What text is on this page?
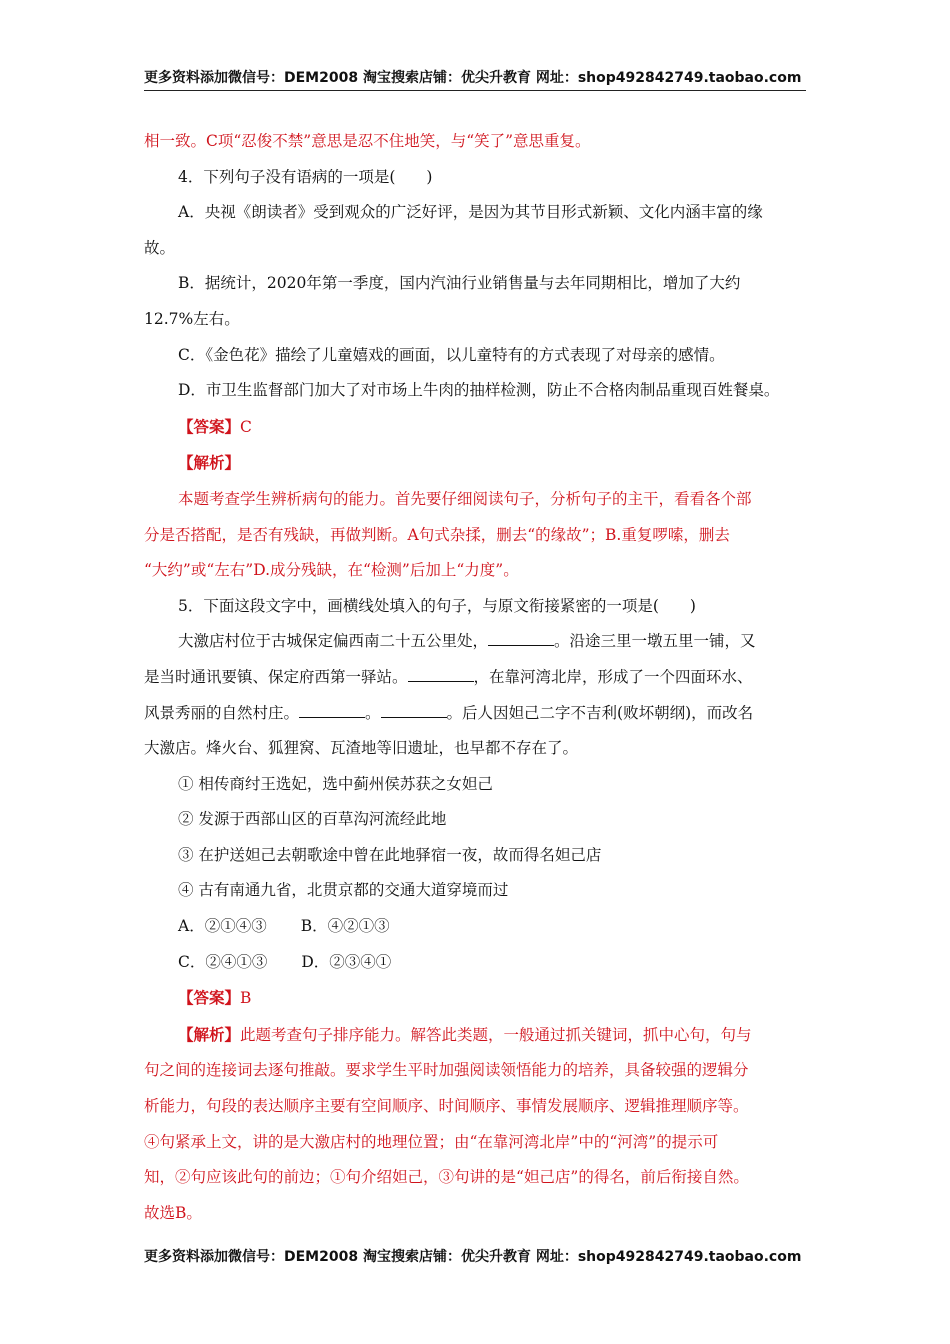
更多资料添加微信号：DEM2008 淘宝搜索店铺：优尖升教育 网址：shop492842749.taobao.com

相一致。C项“忍俊不禁”意思是忍不住地笑，与“笑了”意思重复。

4．下列句子没有语病的一项是(　　)

A．央视《朗读者》受到观众的广泛好评，是因为其节目形式新颖、文化内涵丰富的缘

故。

B．据统计，2020年第一季度，国内汽油行业销售量与去年同期相比，增加了大约

12.7%左右。

C．《金色花》描绘了儿童嬉戏的画面，以儿童特有的方式表现了对母亲的感情。

D．市卫生监督部门加大了对市场上牛肉的抽样检测，防止不合格肉制品重现百姓餐桌。

【答案】C

【解析】

本题考查学生辨析病句的能力。首先要仔细阅读句子，分析句子的主干，看看各个部

分是否搭配，是否有残缺，再做判断。A句式杂揉，删去“的缘故”；B.重复啰嗦，删去

“大约”或“左右”D.成分残缺，在“检测”后加上“力度”。

5．下面这段文字中，画横线处填入的句子，与原文衔接紧密的一项是(　　)

大激店村位于古城保定偏西南二十五公里处，	。沿途三里一墩五里一铺，又

是当时通讯要镇、保定府西第一驿站。	，在靠河湾北岸，形成了一个四面环水、

风景秀丽的自然村庄。	。	。后人因妲己二字不吉利(败坏朝纲)，而改名

大激店。烽火台、狐狸窝、瓦渣地等旧遗址，也早都不存在了。

① 相传商纣王选妃，选中蓟州侯苏获之女妲己

② 发源于西部山区的百草沟河流经此地

③ 在护送妲己去朝歌途中曾在此地驿宿一夜，故而得名妲己店

④ 古有南通九省，北贯京都的交通大道穿境而过

A．②①④③ B．④②①③

C．②④①③ D．②③④①

【答案】B

【解析】此题考查句子排序能力。解答此类题，一般通过抓关键词，抓中心句，句与

句之间的连接词去逐句推敲。要求学生平时加强阅读领悟能力的培养，具备较强的逻辑分

析能力，句段的表达顺序主要有空间顺序、时间顺序、事情发展顺序、逻辑推理顺序等。

④句紧承上文，讲的是大激店村的地理位置；由“在靠河湾北岸”中的“河湾”的提示可

知，②句应该此句的前边；①句介绍妲己，③句讲的是“妲己店”的得名，前后衔接自然。

故选B。

更多资料添加微信号：DEM2008 淘宝搜索店铺：优尖升教育 网址：shop492842749.taobao.com
